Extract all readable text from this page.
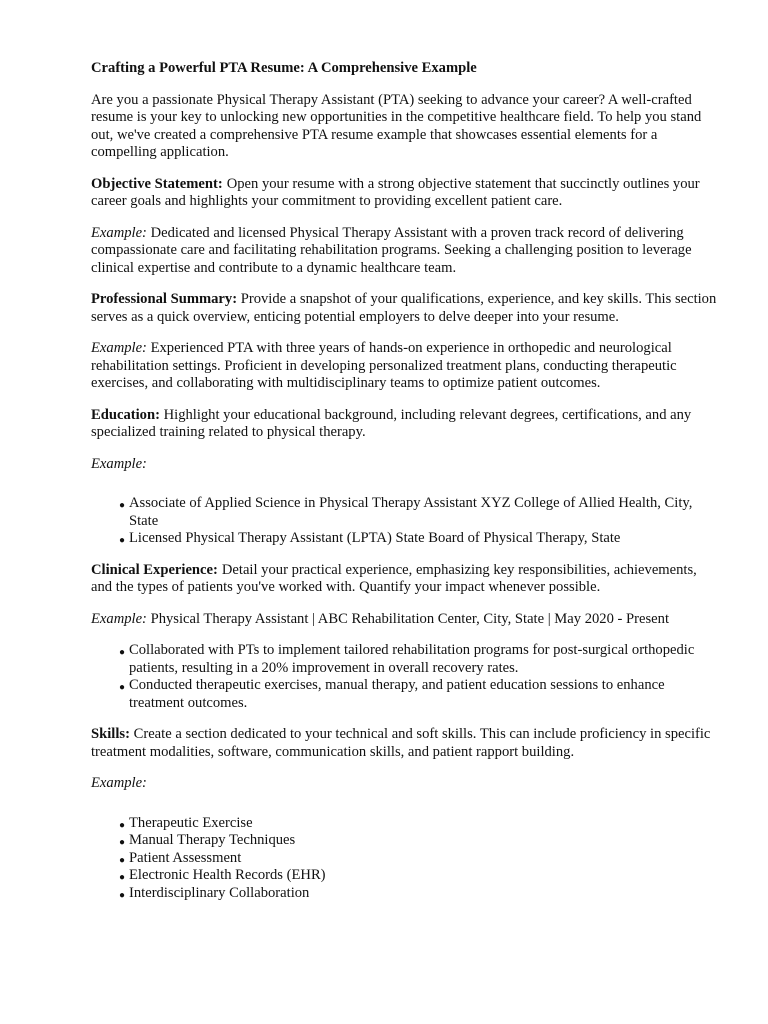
Crafting a Powerful PTA Resume: A Comprehensive Example

Are you a passionate Physical Therapy Assistant (PTA) seeking to advance your career? A well-crafted resume is your key to unlocking new opportunities in the competitive healthcare field. To help you stand out, we've created a comprehensive PTA resume example that showcases essential elements for a compelling application.

Objective Statement: Open your resume with a strong objective statement that succinctly outlines your career goals and highlights your commitment to providing excellent patient care.

Example: Dedicated and licensed Physical Therapy Assistant with a proven track record of delivering compassionate care and facilitating rehabilitation programs. Seeking a challenging position to leverage clinical expertise and contribute to a dynamic healthcare team.

Professional Summary: Provide a snapshot of your qualifications, experience, and key skills. This section serves as a quick overview, enticing potential employers to delve deeper into your resume.

Example: Experienced PTA with three years of hands-on experience in orthopedic and neurological rehabilitation settings. Proficient in developing personalized treatment plans, conducting therapeutic exercises, and collaborating with multidisciplinary teams to optimize patient outcomes.

Education: Highlight your educational background, including relevant degrees, certifications, and any specialized training related to physical therapy.

Example:

● Associate of Applied Science in Physical Therapy Assistant XYZ College of Allied Health, City, State
● Licensed Physical Therapy Assistant (LPTA) State Board of Physical Therapy, State

Clinical Experience: Detail your practical experience, emphasizing key responsibilities, achievements, and the types of patients you've worked with. Quantify your impact whenever possible.

Example: Physical Therapy Assistant | ABC Rehabilitation Center, City, State | May 2020 - Present

● Collaborated with PTs to implement tailored rehabilitation programs for post-surgical orthopedic patients, resulting in a 20% improvement in overall recovery rates.
● Conducted therapeutic exercises, manual therapy, and patient education sessions to enhance treatment outcomes.

Skills: Create a section dedicated to your technical and soft skills. This can include proficiency in specific treatment modalities, software, communication skills, and patient rapport building.

Example:

● Therapeutic Exercise
● Manual Therapy Techniques
● Patient Assessment
● Electronic Health Records (EHR)
● Interdisciplinary Collaboration
